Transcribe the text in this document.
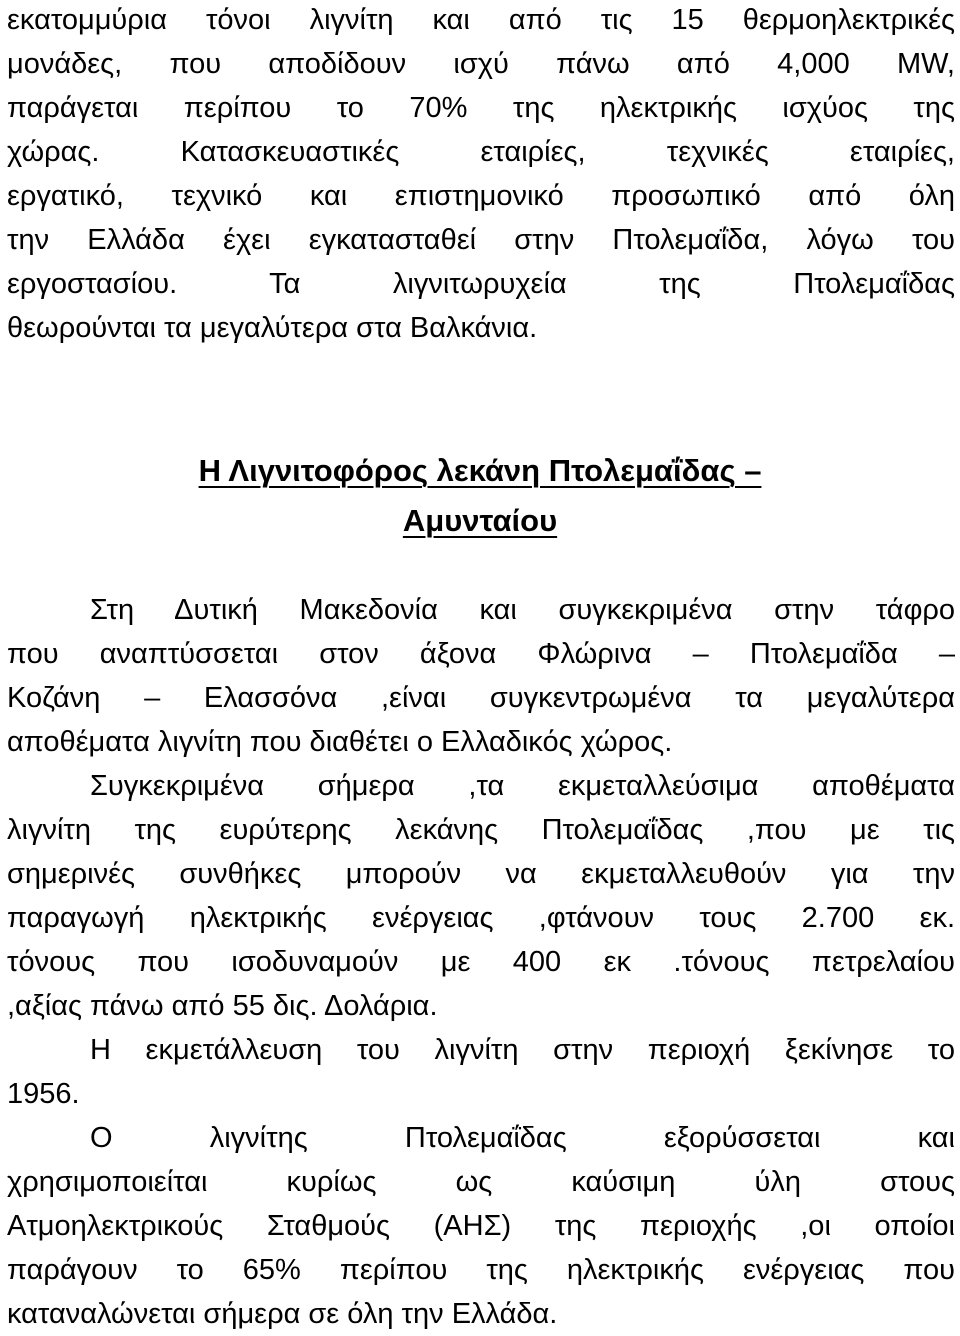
εκατομμύρια τόνοι λιγνίτη και από τις 15 θερμοηλεκτρικές
μονάδες, που αποδίδουν ισχύ πάνω από 4,000 MW,
παράγεται περίπου το 70% της ηλεκτρικής ισχύος της
χώρας. Κατασκευαστικές εταιρίες, τεχνικές εταιρίες,
εργατικό, τεχνικό και επιστημονικό προσωπικό από όλη
την Ελλάδα έχει εγκατασταθεί στην Πτολεμαΐδα, λόγω του
εργοστασίου. Τα λιγνιτωρυχεία της Πτολεμαΐδας
θεωρούνται τα μεγαλύτερα στα Βαλκάνια.
Η Λιγνιτοφόρος λεκάνη Πτολεμαΐδας –
Αμυνταίου
Στη Δυτική Μακεδονία και συγκεκριμένα στην τάφρο
που αναπτύσσεται στον άξονα Φλώρινα – Πτολεμαΐδα –
Κοζάνη – Ελασσόνα ,είναι συγκεντρωμένα τα μεγαλύτερα
αποθέματα λιγνίτη που διαθέτει ο Ελλαδικός χώρος.
Συγκεκριμένα σήμερα ,τα εκμεταλλεύσιμα αποθέματα
λιγνίτη της ευρύτερης λεκάνης Πτολεμαΐδας ,που με τις
σημερινές συνθήκες μπορούν να εκμεταλλευθούν για την
παραγωγή ηλεκτρικής ενέργειας ,φτάνουν τους 2.700 εκ.
τόνους που ισοδυναμούν με 400 εκ .τόνους πετρελαίου
,αξίας πάνω από 55 δις. Δολάρια.
Η εκμετάλλευση του λιγνίτη στην περιοχή ξεκίνησε το
1956.
Ο λιγνίτης Πτολεμαΐδας εξορύσσεται και
χρησιμοποιείται κυρίως ως καύσιμη ύλη στους
Ατμοηλεκτρικούς Σταθμούς (ΑΗΣ) της περιοχής ,οι οποίοι
παράγουν το 65% περίπου της ηλεκτρικής ενέργειας που
καταναλώνεται σήμερα σε όλη την Ελλάδα.
